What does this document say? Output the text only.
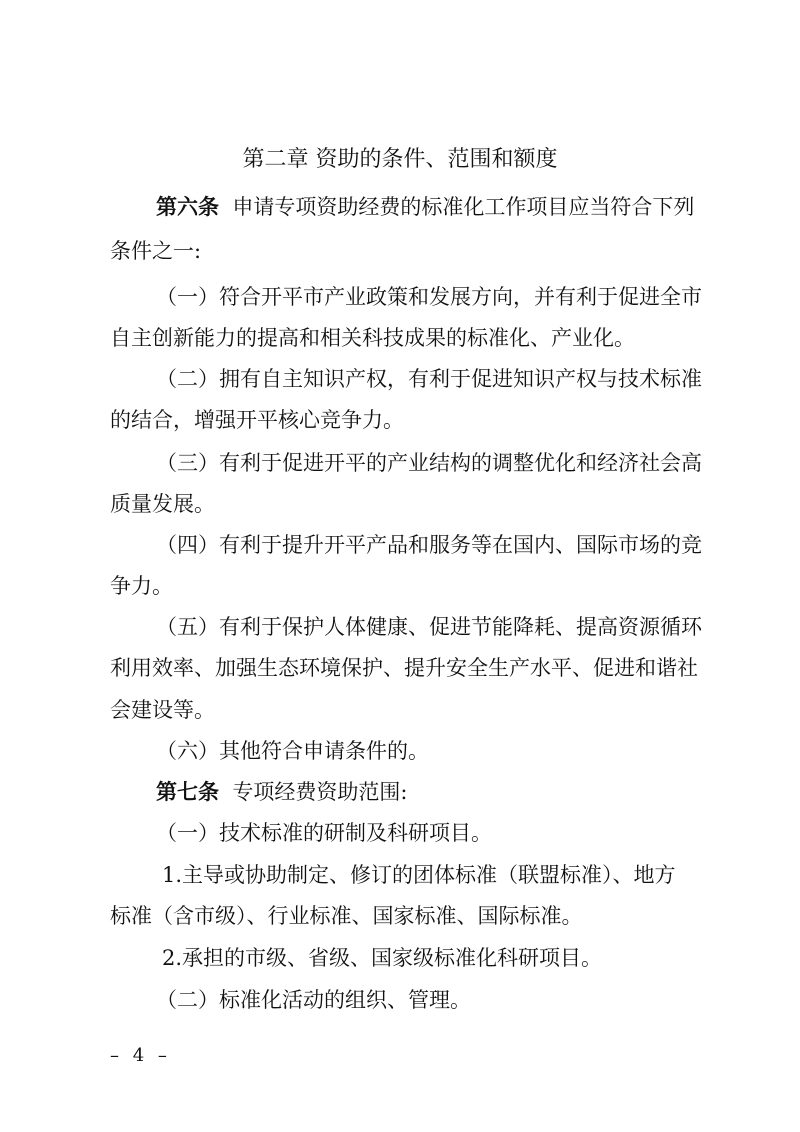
第二章 资助的条件、范围和额度
第六条 申请专项资助经费的标准化工作项目应当符合下列
条件之一:
（一）符合开平市产业政策和发展方向，并有利于促进全市
自主创新能力的提高和相关科技成果的标准化、产业化。
（二）拥有自主知识产权，有利于促进知识产权与技术标准
的结合，增强开平核心竞争力。
（三）有利于促进开平的产业结构的调整优化和经济社会高
质量发展。
（四）有利于提升开平产品和服务等在国内、国际市场的竞
争力。
（五）有利于保护人体健康、促进节能降耗、提高资源循环
利用效率、加强生态环境保护、提升安全生产水平、促进和谐社
会建设等。
（六）其他符合申请条件的。
第七条 专项经费资助范围:
（一）技术标准的研制及科研项目。
1.主导或协助制定、修订的团体标准（联盟标准）、地方
标准（含市级）、行业标准、国家标准、国际标准。
2.承担的市级、省级、国家级标准化科研项目。
（二）标准化活动的组织、管理。
– 4 –
